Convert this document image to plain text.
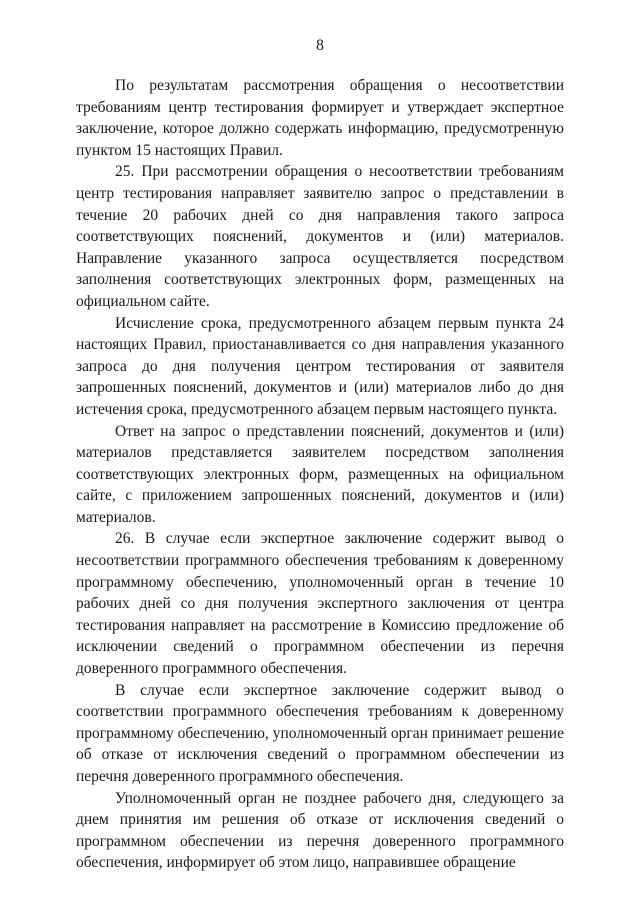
8

По результатам рассмотрения обращения о несоответствии требованиям центр тестирования формирует и утверждает экспертное заключение, которое должно содержать информацию, предусмотренную пунктом 15 настоящих Правил.

25. При рассмотрении обращения о несоответствии требованиям центр тестирования направляет заявителю запрос о представлении в течение 20 рабочих дней со дня направления такого запроса соответствующих пояснений, документов и (или) материалов. Направление указанного запроса осуществляется посредством заполнения соответствующих электронных форм, размещенных на официальном сайте.

Исчисление срока, предусмотренного абзацем первым пункта 24 настоящих Правил, приостанавливается со дня направления указанного запроса до дня получения центром тестирования от заявителя запрошенных пояснений, документов и (или) материалов либо до дня истечения срока, предусмотренного абзацем первым настоящего пункта.

Ответ на запрос о представлении пояснений, документов и (или) материалов представляется заявителем посредством заполнения соответствующих электронных форм, размещенных на официальном сайте, с приложением запрошенных пояснений, документов и (или) материалов.

26. В случае если экспертное заключение содержит вывод о несоответствии программного обеспечения требованиям к доверенному программному обеспечению, уполномоченный орган в течение 10 рабочих дней со дня получения экспертного заключения от центра тестирования направляет на рассмотрение в Комиссию предложение об исключении сведений о программном обеспечении из перечня доверенного программного обеспечения.

В случае если экспертное заключение содержит вывод о соответствии программного обеспечения требованиям к доверенному программному обеспечению, уполномоченный орган принимает решение об отказе от исключения сведений о программном обеспечении из перечня доверенного программного обеспечения.

Уполномоченный орган не позднее рабочего дня, следующего за днем принятия им решения об отказе от исключения сведений о программном обеспечении из перечня доверенного программного обеспечения, информирует об этом лицо, направившее обращение
